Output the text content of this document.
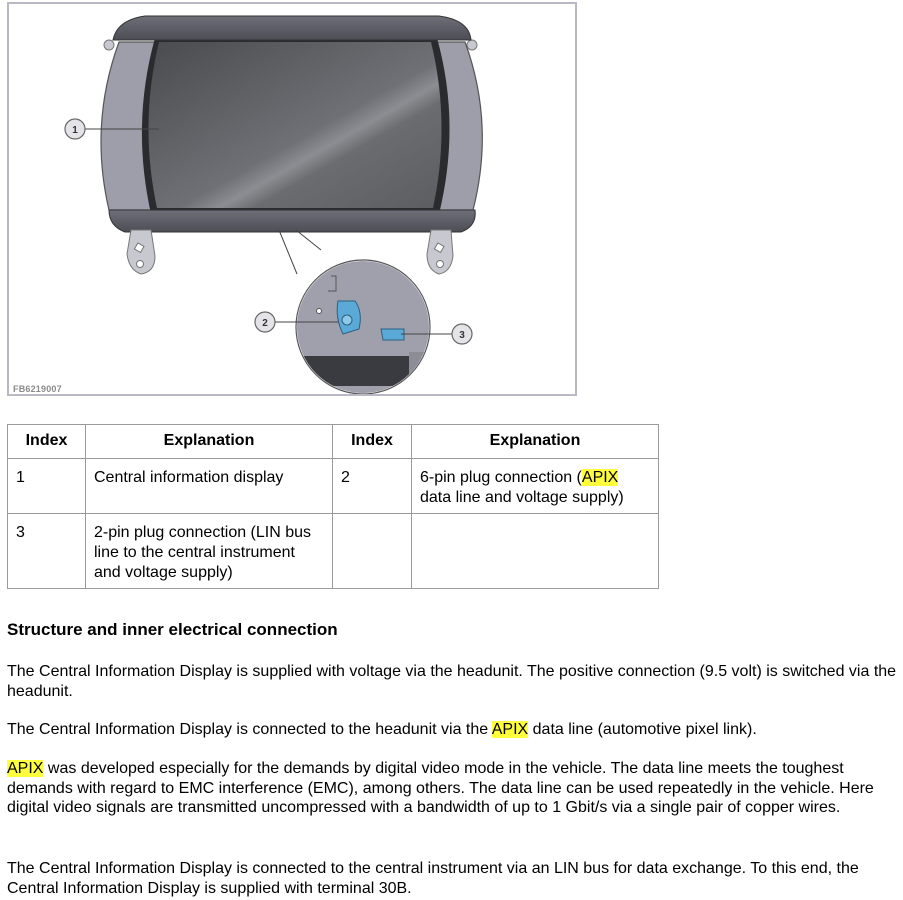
1
2
3
FB6219007
Index	Explanation	Index	Explanation
1	Central information display	2	6-pin plug connection (APIX data line and voltage supply)
3	2-pin plug connection (LIN bus line to the central instrument and voltage supply)		
Structure and inner electrical connection

The Central Information Display is supplied with voltage via the headunit. The positive connection (9.5 volt) is switched via the headunit.

The Central Information Display is connected to the headunit via the APIX data line (automotive pixel link).

APIX was developed especially for the demands by digital video mode in the vehicle. The data line meets the toughest demands with regard to EMC interference (EMC), among others. The data line can be used repeatedly in the vehicle. Here digital video signals are transmitted uncompressed with a bandwidth of up to 1 Gbit/s via a single pair of copper wires.

The Central Information Display is connected to the central instrument via an LIN bus for data exchange. To this end, the Central Information Display is supplied with terminal 30B.
